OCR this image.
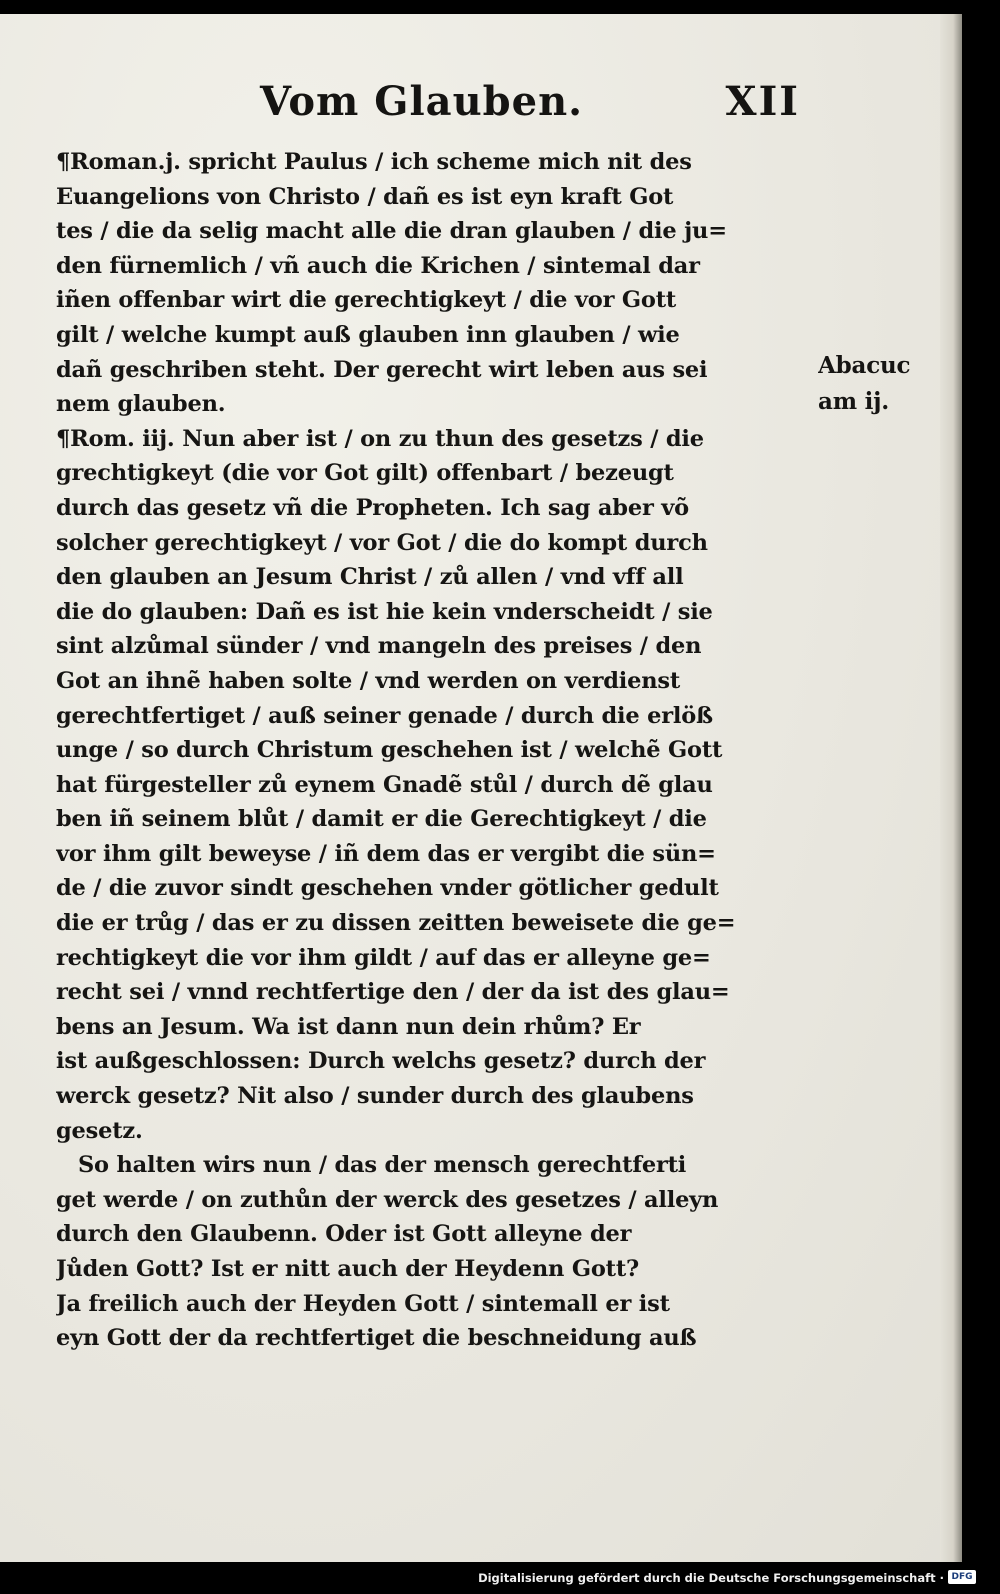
Vom Glauben.	XII
¶Roman.j. spricht Paulus / ich scheme mich nit des
Euangelions von Christo / dañ es ist eyn kraft Got
tes / die da selig macht alle die dran glauben / die ju=
den fürnemlich / vñ auch die Krichen / sintemal dar
iñen offenbar wirt die gerechtigkeyt / die vor Gott
gilt / welche kumpt auß glauben inn glauben / wie
dañ geschriben steht. Der gerecht wirt leben aus sei
nem glauben.
¶Rom. iij. Nun aber ist / on zu thun des gesetzs / die
grechtigkeyt (die vor Got gilt) offenbart / bezeugt
durch das gesetz vñ die Propheten. Ich sag aber võ
solcher gerechtigkeyt / vor Got / die do kompt durch
den glauben an Jesum Christ / zů allen / vnd vff all
die do glauben: Dañ es ist hie kein vnderscheidt / sie
sint alzůmal sünder / vnd mangeln des preises / den
Got an ihnẽ haben solte / vnd werden on verdienst
gerechtfertiget / auß seiner genade / durch die erlöß
unge / so durch Christum geschehen ist / welchẽ Gott
hat fürgesteller zů eynem Gnadẽ stůl / durch dẽ glau
ben iñ seinem blůt / damit er die Gerechtigkeyt / die
vor ihm gilt beweyse / iñ dem das er vergibt die sün=
de / die zuvor sindt geschehen vnder götlicher gedult
die er trůg / das er zu dissen zeitten beweisete die ge=
rechtigkeyt die vor ihm gildt / auf das er alleyne ge=
recht sei / vnnd rechtfertige den / der da ist des glau=
bens an Jesum. Wa ist dann nun dein rhům? Er
ist außgeschlossen: Durch welchs gesetz? durch der
werck gesetz? Nit also / sunder durch des glaubens
gesetz.
So halten wirs nun / das der mensch gerechtferti
get werde / on zuthůn der werck des gesetzes / alleyn
durch den Glaubenn. Oder ist Gott alleyne der
Jůden Gott? Ist er nitt auch der Heydenn Gott?
Ja freilich auch der Heyden Gott / sintemall er ist
eyn Gott der da rechtfertiget die beschneidung auß
Abacuc
am ij.
Digitalisierung gefördert durch die Deutsche Forschungsgemeinschaft · DFG
